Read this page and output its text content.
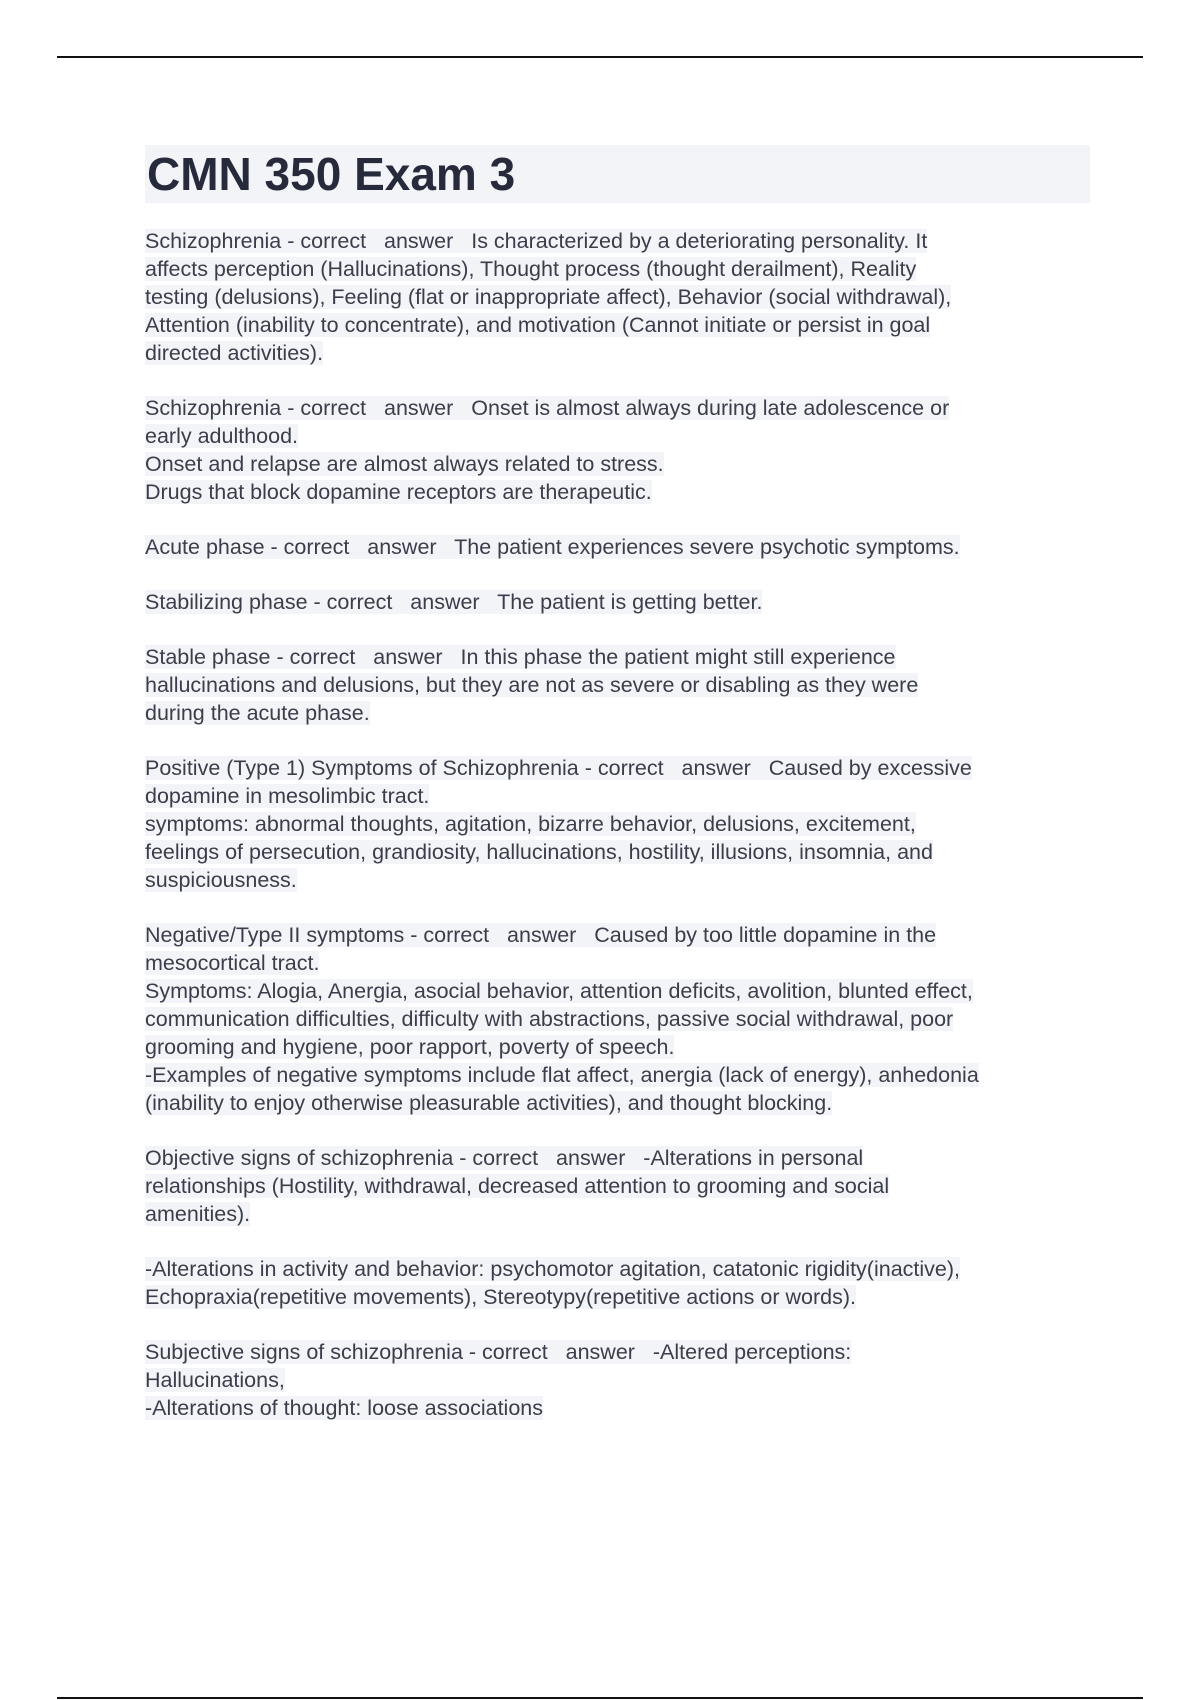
CMN 350 Exam 3
Schizophrenia - correct   answer   Is characterized by a deteriorating personality. It
affects perception (Hallucinations), Thought process (thought derailment), Reality
testing (delusions), Feeling (flat or inappropriate affect), Behavior (social withdrawal),
Attention (inability to concentrate), and motivation (Cannot initiate or persist in goal
directed activities).
Schizophrenia - correct   answer   Onset is almost always during late adolescence or
early adulthood.
Onset and relapse are almost always related to stress.
Drugs that block dopamine receptors are therapeutic.
Acute phase - correct   answer   The patient experiences severe psychotic symptoms.
Stabilizing phase - correct   answer   The patient is getting better.
Stable phase - correct   answer   In this phase the patient might still experience
hallucinations and delusions, but they are not as severe or disabling as they were
during the acute phase.
Positive (Type 1) Symptoms of Schizophrenia - correct   answer   Caused by excessive
dopamine in mesolimbic tract.
symptoms: abnormal thoughts, agitation, bizarre behavior, delusions, excitement,
feelings of persecution, grandiosity, hallucinations, hostility, illusions, insomnia, and
suspiciousness.
Negative/Type II symptoms - correct   answer   Caused by too little dopamine in the
mesocortical tract.
Symptoms: Alogia, Anergia, asocial behavior, attention deficits, avolition, blunted effect,
communication difficulties, difficulty with abstractions, passive social withdrawal, poor
grooming and hygiene, poor rapport, poverty of speech.
-Examples of negative symptoms include flat affect, anergia (lack of energy), anhedonia
(inability to enjoy otherwise pleasurable activities), and thought blocking.
Objective signs of schizophrenia - correct   answer   -Alterations in personal
relationships (Hostility, withdrawal, decreased attention to grooming and social
amenities).
-Alterations in activity and behavior: psychomotor agitation, catatonic rigidity(inactive),
Echopraxia(repetitive movements), Stereotypy(repetitive actions or words).
Subjective signs of schizophrenia - correct   answer   -Altered perceptions:
Hallucinations,
-Alterations of thought: loose associations
